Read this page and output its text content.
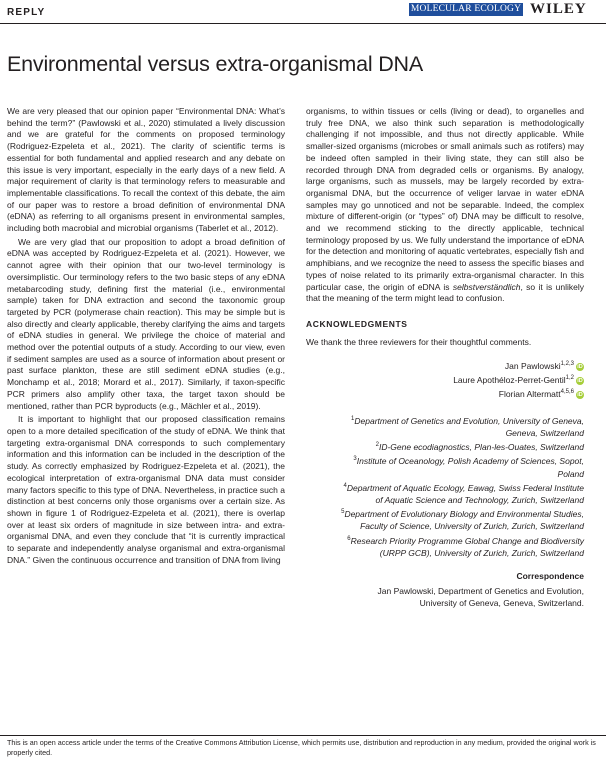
REPLY	MOLECULAR ECOLOGY WILEY
Environmental versus extra-organismal DNA

We are very pleased that our opinion paper “Environmental DNA: What’s behind the term?” (Pawlowski et al., 2020) stimulated a lively discussion and we are grateful for the comments on proposed terminology (Rodriguez-Ezpeleta et al., 2021). The clarity of scientific terms is essential for both fundamental and applied research and any debate on this issue is very important, especially in the early days of a new field. A major requirement of clarity is that terminology refers to measurable and implementable classifications. To recall the context of this debate, the aim of our paper was to restore a broad definition of environmental DNA (eDNA) as referring to all organisms present in environmental samples, including both macrobial and microbial organisms (Taberlet et al., 2012).

We are very glad that our proposition to adopt a broad definition of eDNA was accepted by Rodriguez-Ezpeleta et al. (2021). However, we cannot agree with their opinion that our two-level terminology is oversimplistic. Our terminology refers to the two basic steps of any eDNA metabarcoding study, defining first the material (i.e., environmental sample) taken for DNA extraction and second the taxonomic group targeted by PCR (polymerase chain reaction). This may be simple but is also directly and clearly applicable, thereby clarifying the aims and targets of eDNA studies in general. We privilege the choice of material and method over the potential outputs of a study. According to our view, even if sediment samples are used as a source of information about present or past surface plankton, these are still sediment eDNA studies (e.g., Monchamp et al., 2018; Morard et al., 2017). Similarly, if taxon-specific PCR primers also amplify other taxa, the target taxon should be mentioned, rather than PCR byproducts (e.g., Mächler et al., 2019).

It is important to highlight that our proposed classification remains open to a more detailed specification of the study of eDNA. We think that targeting extra-organismal DNA corresponds to such complementary information and this information can be included in the description of the study. As correctly emphasized by Rodriguez-Ezpeleta et al. (2021), the ecological interpretation of extra-organismal DNA data must consider many factors specific to this type of DNA. Nevertheless, in practice such a distinction at best concerns only those organisms over a certain size. As shown in figure 1 of Rodriguez-Ezpeleta et al. (2021), there is overlap over at least six orders of magnitude in size between intra- and extra-organismal DNA, and even they conclude that “it is currently impractical to separate and independently analyse organismal and extra-organismal DNA.” Given the continuous occurrence and transition of DNA from living

organisms, to within tissues or cells (living or dead), to organelles and truly free DNA, we also think such separation is methodologically challenging if not impossible, and thus not directly applicable. While smaller-sized organisms (microbes or small animals such as rotifers) may be indeed often sampled in their living state, they can still also be recorded through DNA from degraded cells or organisms. By analogy, large organisms, such as mussels, may be largely recorded by extra-organismal DNA, but the occurrence of veliger larvae in water eDNA samples may go unnoticed and not be separable. Indeed, the complex mixture of different-origin (or “types” of) DNA may be difficult to resolve, and we recommend sticking to the directly applicable, technical terminology proposed by us. We fully understand the importance of eDNA for the detection and monitoring of aquatic vertebrates, especially fish and amphibians, and we recognize the need to assess the specific biases and types of noise related to its primarily extra-organismal character. In this particular case, the origin of eDNA is selbstverständlich, so it is unlikely that the meaning of the term might lead to confusion.

ACKNOWLEDGMENTS

We thank the three reviewers for their thoughtful comments.

Jan Pawlowski$^{1,2,3}$ iD
Laure Apothéloz-Perret-Gentil$^{1,2}$ iD
Florian Altermatt$^{4,5,6}$ iD
$^1$Department of Genetics and Evolution, University of Geneva, Geneva, Switzerland
$^2$ID-Gene ecodiagnostics, Plan-les-Ouates, Switzerland
$^3$Institute of Oceanology, Polish Academy of Sciences, Sopot, Poland
$^4$Department of Aquatic Ecology, Eawag, Swiss Federal Institute of Aquatic Science and Technology, Zurich, Switzerland
$^5$Department of Evolutionary Biology and Environmental Studies, Faculty of Science, University of Zurich, Zurich, Switzerland
$^6$Research Priority Programme Global Change and Biodiversity (URPP GCB), University of Zurich, Zurich, Switzerland
Correspondence
Jan Pawlowski, Department of Genetics and Evolution, University of Geneva, Geneva, Switzerland.
This is an open access article under the terms of the Creative Commons Attribution License, which permits use, distribution and reproduction in any medium, provided the original work is properly cited.
